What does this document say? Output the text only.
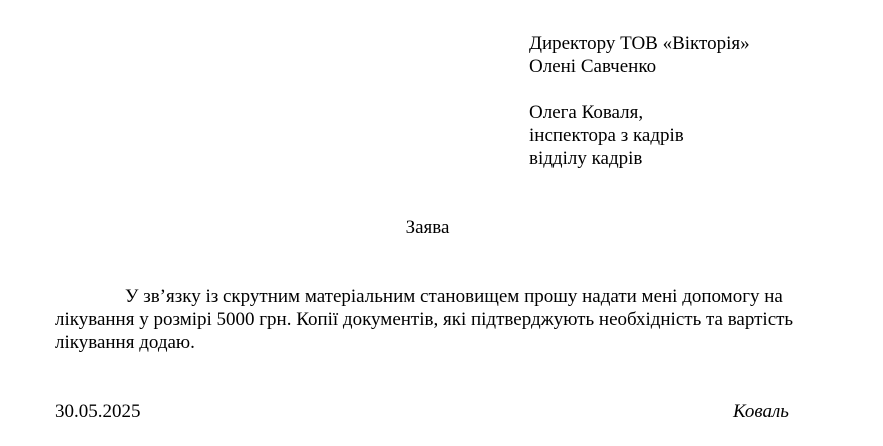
Директору ТОВ «Вікторія»
Олені Савченко
Олега Коваля,
інспектора з кадрів
відділу кадрів
Заява
У зв’язку із скрутним матеріальним становищем прошу надати мені допомогу на лікування у розмірі 5000 грн. Копії документів, які підтверджують необхідність та вартість лікування додаю.
30.05.2025	Коваль
